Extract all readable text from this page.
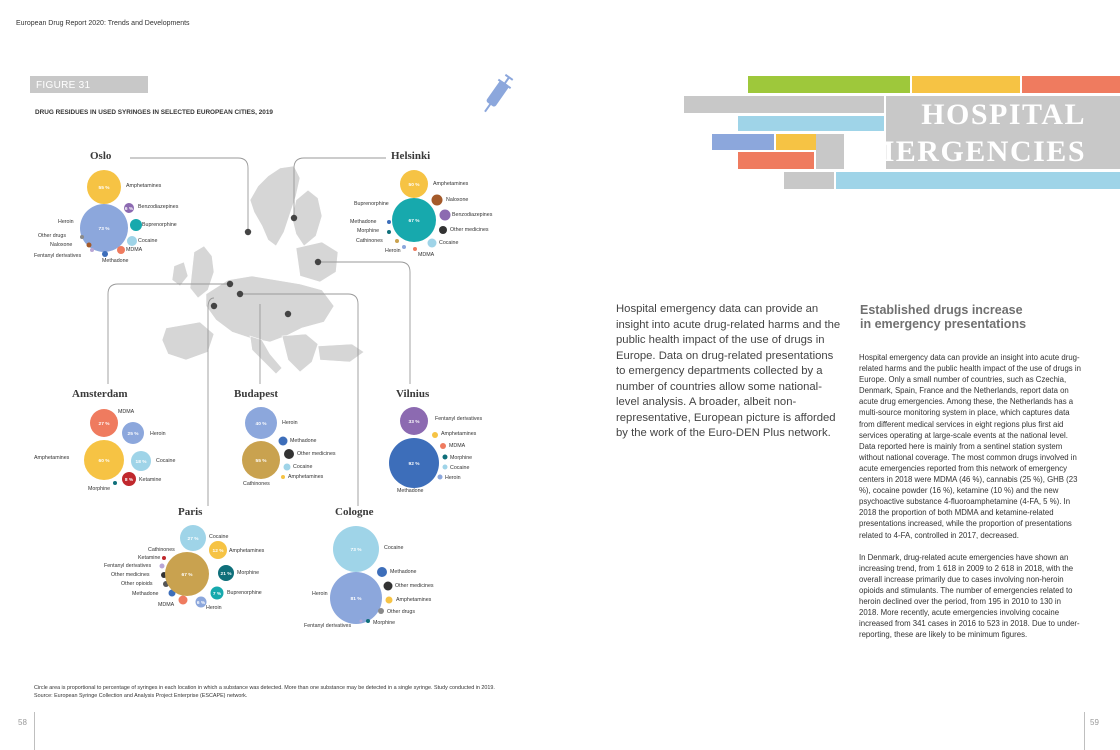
European Drug Report 2020: Trends and Developments
FIGURE 31
DRUG RESIDUES IN USED SYRINGES IN SELECTED EUROPEAN CITIES, 2019
Oslo
55 %
73 %
6 %
50 %
67 %
27 %
25 %
60 %	18 %
8 %
40 %
55 %
33 %
92 %
27 %
12 %
21 %
7 %
6 %
67 %
73 %
81 %
Amphetamines
Heroin
Benzodiazepines
Buprenorphine
Cocaine
MDMA
Methadone
Other drugs
Naloxone
Fentanyl derivatives
Helsinki
Amphetamines
Buprenorphine
Naloxone
Benzodiazepines
Other medicines
Cocaine
Methadone
Morphine
Cathinones
Heroin
MDMA
Amsterdam
MDMA
Heroin
Amphetamines	Cocaine
Ketamine
Morphine
Budapest
Heroin
Methadone
Cathinones
Other medicines
Cocaine
Amphetamines
Vilnius
Fentanyl derivatives
Amphetamines
MDMA
Methadone
Morphine
Cocaine
Heroin
Paris
Cocaine
Amphetamines
Morphine
Buprenorphine
Heroin
MDMA
Methadone
Other opioids
Other medicines
Fentanyl derivatives
Ketamine
Cathinones
Cologne
Cocaine
Methadone
Heroin
Other medicines
Amphetamines
Other drugs
Morphine
Fentanyl derivatives
Circle area is proportional to percentage of syringes in each location in which a substance was detected. More than one substance may be detected in a single syringe. Study conducted in 2019. Source: European Syringe Collection and Analysis Project Enterprise (ESCAPE) network.
58
HOSPITAL
EMERGENCIES
Hospital emergency data can provide an insight into acute drug-related harms and the public health impact of the use of drugs in Europe. Data on drug-related presentations to emergency departments collected by a number of countries allow some national-level analysis. A broader, albeit non-representative, European picture is afforded by the work of the Euro-DEN Plus network.
Established drugs increase
in emergency presentations

Hospital emergency data can provide an insight into acute drug-related harms and the public health impact of the use of drugs in Europe. Only a small number of countries, such as Czechia, Denmark, Spain, France and the Netherlands, report data on acute drug emergencies. Among these, the Netherlands has a multi-source monitoring system in place, which captures data from different medical services in eight regions plus first aid services operating at large-scale events at the national level. Data reported here is mainly from a sentinel station system without national coverage. The most common drugs involved in acute emergencies reported from this network of emergency centers in 2018 were MDMA (46 %), cannabis (25 %), GHB (23 %), cocaine powder (16 %), ketamine (10 %) and the new psychoactive substance 4-fluoroamphetamine (4-FA, 5 %). In 2018 the proportion of both MDMA and ketamine-related presentations increased, while the proportion of presentations related to 4-FA, controlled in 2017, decreased.

In Denmark, drug-related acute emergencies have shown an increasing trend, from 1 618 in 2009 to 2 618 in 2018, with the overall increase primarily due to cases involving non-heroin opioids and stimulants. The number of emergencies related to heroin declined over the period, from 195 in 2010 to 130 in 2018. More recently, acute emergencies involving cocaine increased from 341 cases in 2016 to 523 in 2018. Due to under-reporting, these are likely to be minimum figures.

59
